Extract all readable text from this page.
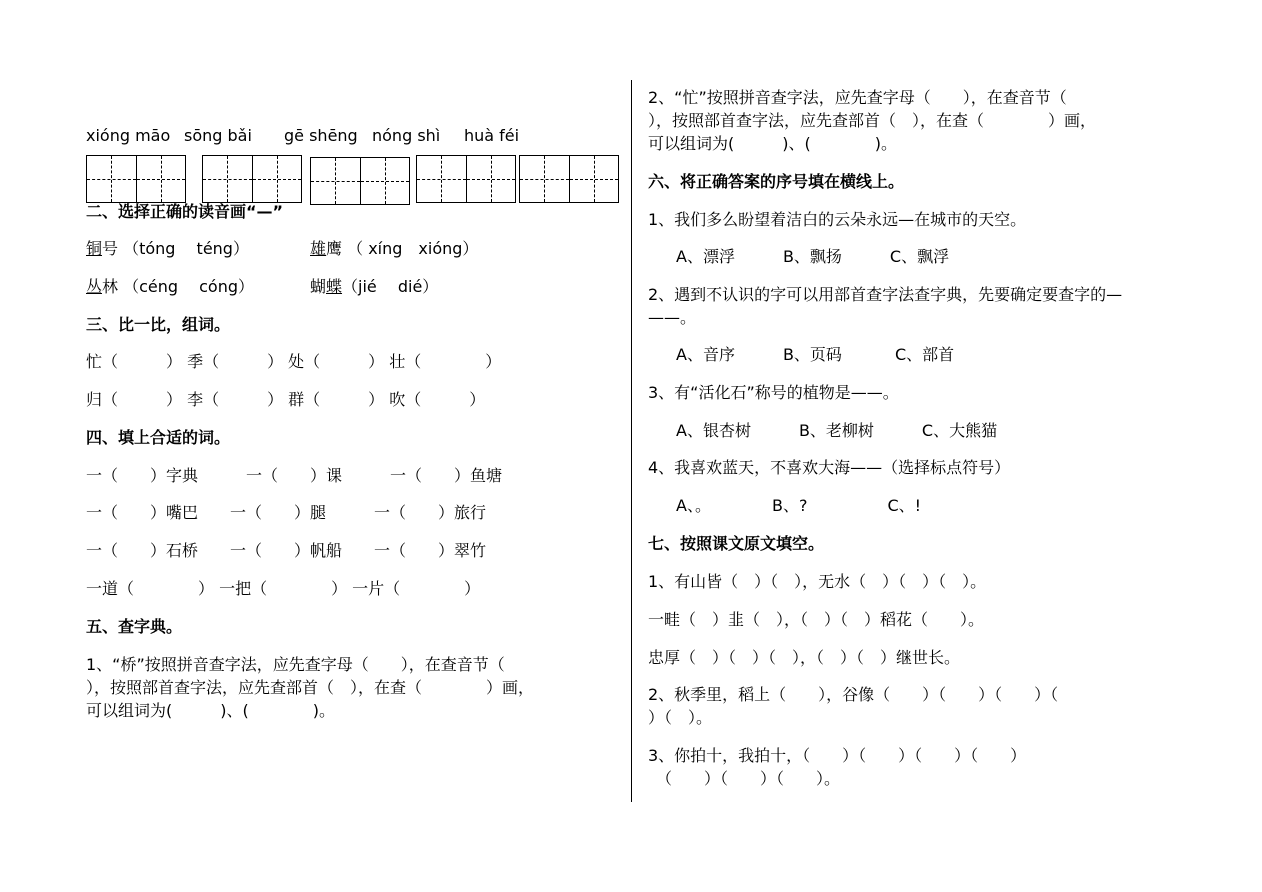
xióng māo sōng bǎi gē shēng nóng shì huà féi
二、选择正确的读音画“—”
铜号 （tóng　 téng）	雄鹰 （ xíng　xióng）
丛林 （céng　 cóng）	蝴蝶（jié　 dié）
三、比一比，组词。
忙（　　　） 季（　　　） 处（　　　） 壮（　　　　）
归（　　　） 李（　　　） 群（　　　） 吹（　　　）
四、填上合适的词。
一（　　）字典　　　一（　　）课　　　一（　　）鱼塘
一（　　）嘴巴　　一（　　）腿　　　一（　　）旅行
一（　　）石桥　　一（　　）帆船　　一（　　）翠竹
一道（　　　　） 一把（　　　　） 一片（　　　　）
五、查字典。
1、“桥”按照拼音查字法，应先查字母（　　），在查音节（
），按照部首查字法，应先查部首（　），在查（　　　　）画，
可以组词为(　　　)、(　　　　)。
2、“忙”按照拼音查字法，应先查字母（　　），在查音节（
），按照部首查字法，应先查部首（　），在查（　　　　）画，
可以组词为(　　　)、(　　　　)。
六、将正确答案的序号填在横线上。
1、我们多么盼望着洁白的云朵永远—在城市的天空。
A、漂浮　　　B、飘扬　　　C、飘浮
2、遇到不认识的字可以用部首查字法查字典，先要确定要查字的—
——。
A、音序　　　B、页码　　　 C、部首
3、有“活化石”称号的植物是——。
A、银杏树　　　B、老柳树　　　C、大熊猫
4、我喜欢蓝天，不喜欢大海——（选择标点符号）
A、。　　　　 B、?　　　　　C、!
七、按照课文原文填空。
1、有山皆（　）（　），无水（　）（　）（　）。
一畦（　）韭（　），（　）（　）稻花（　　）。
忠厚（　）（　）（　），（　）（　）继世长。
2、秋季里，稻上（　　），谷像（　　）（　　）（　　）（
）（　）。
3、你拍十，我拍十，（　　）（　　）（　　）（　　）
（　　）（　　）（　　）。
